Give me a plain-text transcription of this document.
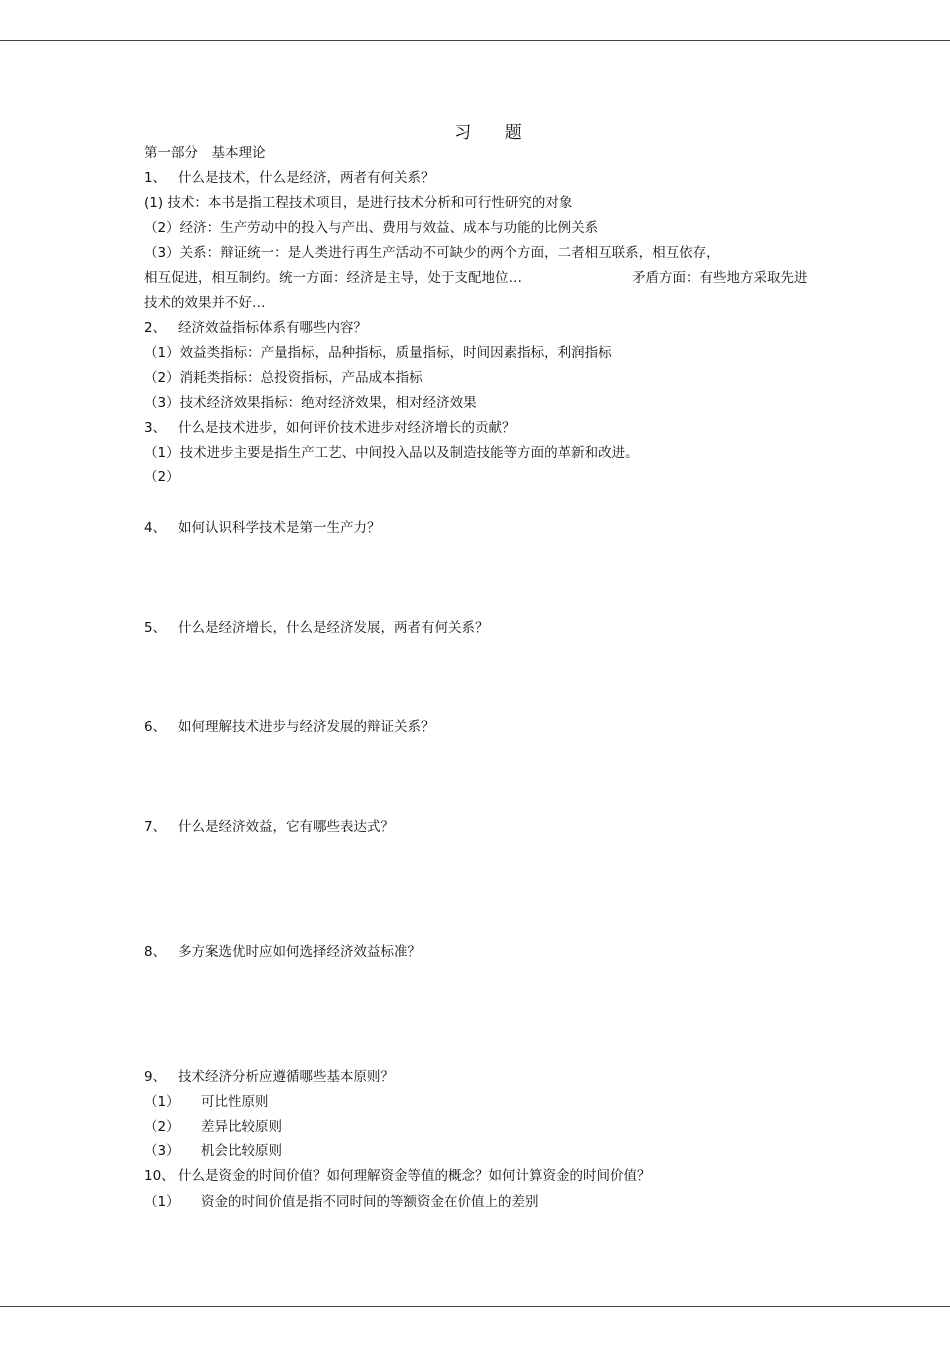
习 题
第一部分　基本理论
1、 什么是技术，什么是经济，两者有何关系？
(1) 技术：本书是指工程技术项目，是进行技术分析和可行性研究的对象
（2）经济：生产劳动中的投入与产出、费用与效益、成本与功能的比例关系
（3）关系：辩证统一：是人类进行再生产活动不可缺少的两个方面，二者相互联系，相互依存，
相互促进，相互制约。统一方面：经济是主导，处于支配地位…	矛盾方面：有些地方采取先进
技术的效果并不好…
2、 经济效益指标体系有哪些内容？
（1）效益类指标：产量指标，品种指标，质量指标，时间因素指标，利润指标
（2）消耗类指标：总投资指标，产品成本指标
（3）技术经济效果指标：绝对经济效果，相对经济效果
3、 什么是技术进步，如何评价技术进步对经济增长的贡献？
（1）技术进步主要是指生产工艺、中间投入品以及制造技能等方面的革新和改进。
（2）
4、 如何认识科学技术是第一生产力？
5、 什么是经济增长，什么是经济发展，两者有何关系？
6、 如何理解技术进步与经济发展的辩证关系？
7、 什么是经济效益，它有哪些表达式？
8、 多方案选优时应如何选择经济效益标准？
9、 技术经济分析应遵循哪些基本原则？
（1） 可比性原则
（2） 差异比较原则
（3） 机会比较原则
10、 什么是资金的时间价值？如何理解资金等值的概念？如何计算资金的时间价值？
（1） 资金的时间价值是指不同时间的等额资金在价值上的差别
